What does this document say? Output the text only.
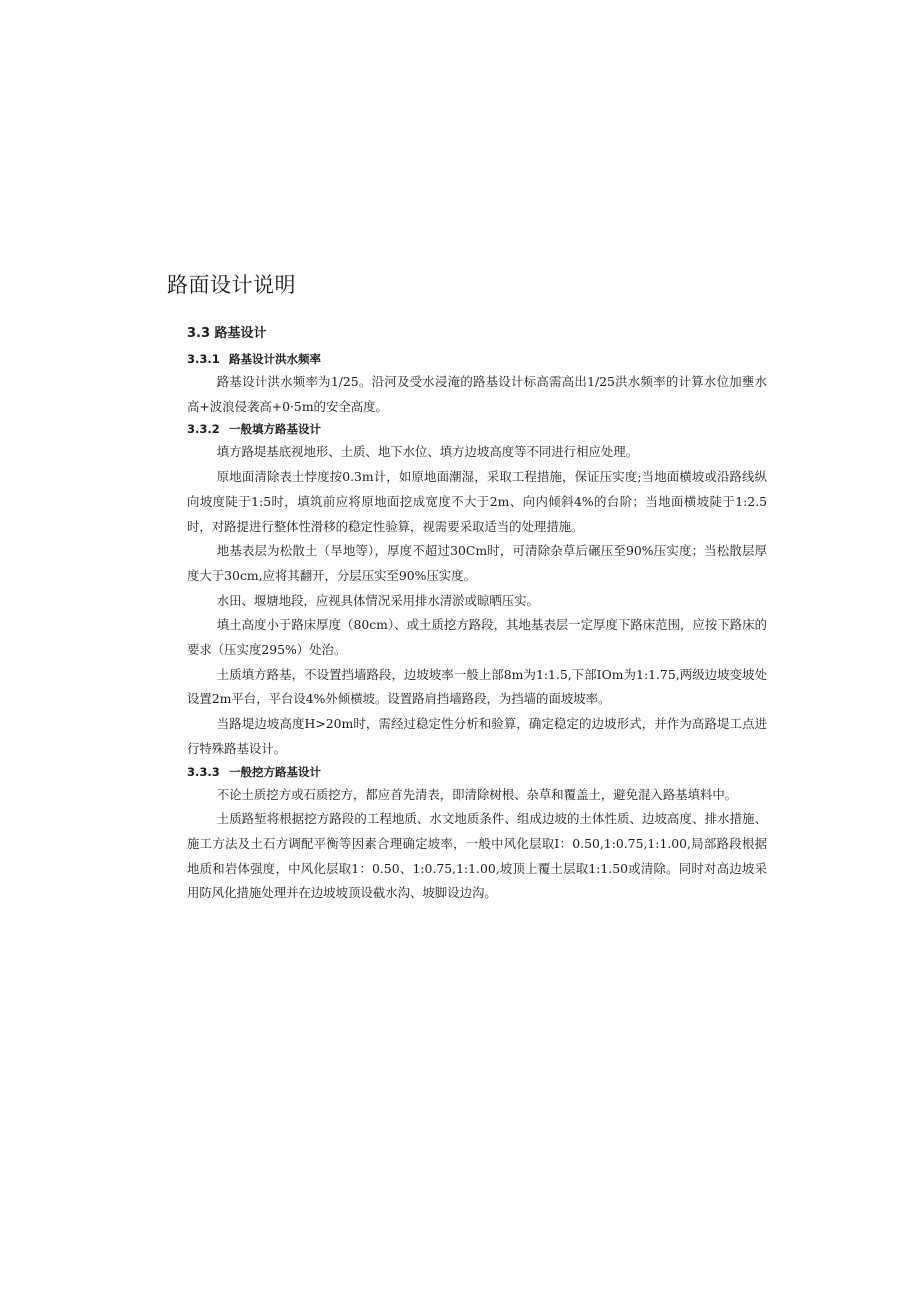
路面设计说明
3.3 路基设计
3.3.1 路基设计洪水频率

路基设计洪水频率为1/25。沿河及受水浸淹的路基设计标高需高出1/25洪水频率的计算水位加壅水高+波浪侵袭高+0·5m的安全高度。

3.3.2 一般填方路基设计

填方路堤基底视地形、土质、地下水位、填方边坡高度等不同进行相应处理。

原地面清除表土悖度按0.3m计，如原地面潮湿，采取工程措施，保证压实度;当地面横坡或沿路线纵向坡度陡于1:5时，填筑前应将原地面挖成宽度不大于2m、向内倾斜4%的台阶；当地面横坡陡于1:2.5时，对路提进行整体性滑移的稳定性验算，视需要采取适当的处理措施。

地基表层为松散土（旱地等），厚度不超过30Cm时，可清除杂草后碾压至90%压实度；当松散层厚度大于30cm,应将其翻开，分层压实至90%压实度。

水田、堰塘地段，应视具体情况采用排水清淤或晾晒压实。

填土高度小于路床厚度（80cm）、或土质挖方路段，其地基表层一定厚度下路床范围，应按下路床的要求（压实度295%）处治。

土质填方路基，不设置挡墙路段，边坡坡率一般上部8m为1:1.5,下部IOm为1:1.75,两级边坡变坡处设置2m平台，平台设4%外倾横坡。设置路肩挡墙路段，为挡墙的面坡坡率。

当路堤边坡高度H>20m时，需经过稳定性分析和验算，确定稳定的边坡形式，并作为高路堤工点进行特殊路基设计。

3.3.3 一般挖方路基设计

不论土质挖方或石质挖方，都应首先清表，即清除树根、杂草和覆盖土，避免混入路基填料中。

土质路堑将根据挖方路段的工程地质、水文地质条件、组成边坡的土体性质、边坡高度、排水措施、施工方法及土石方调配平衡等因素合理确定坡率，一般中风化层取I：0.50,1:0.75,1:1.00,局部路段根据地质和岩体强度，中风化层取1：0.50、1:0.75,1:1.00,坡顶上覆土层取1:1.50或清除。同时对高边坡采用防风化措施处理并在边坡坡顶设截水沟、坡脚设边沟。
